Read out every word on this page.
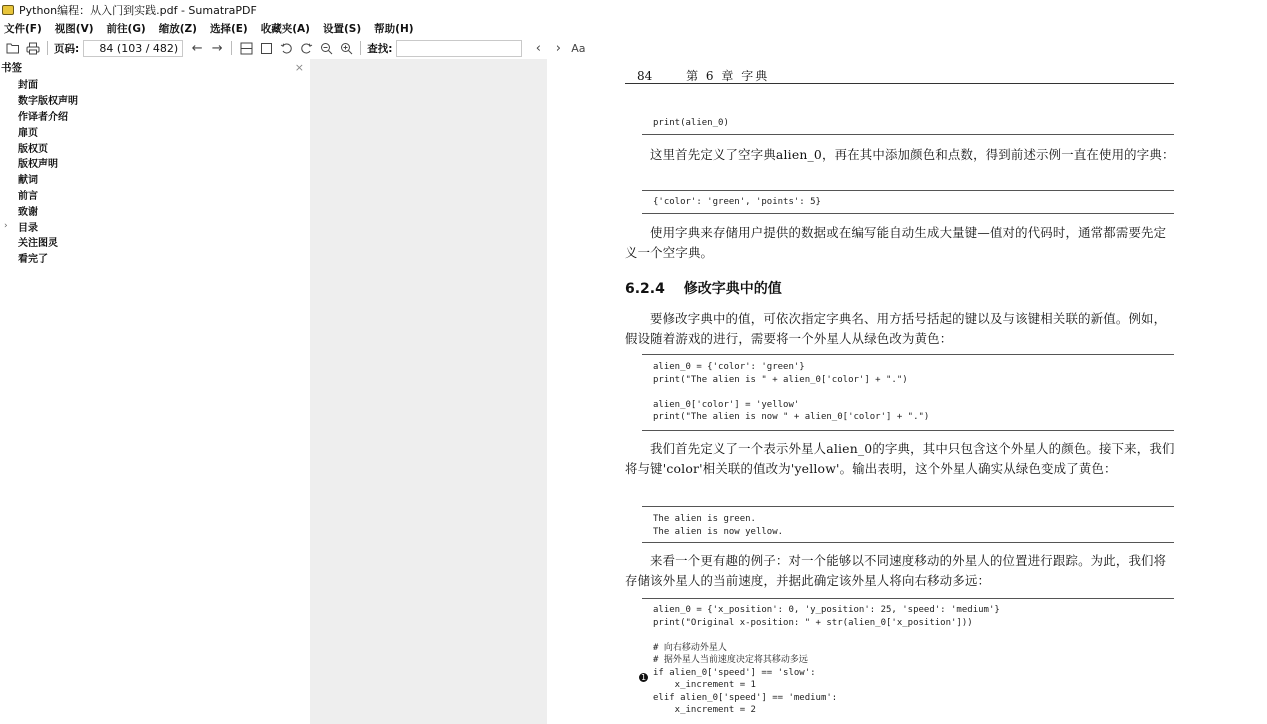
Python编程：从入门到实践.pdf - SumatraPDF
文件(F) 视图(V) 前往(G) 缩放(Z) 选择(E) 收藏夹(A) 设置(S) 帮助(H)
页码:
84 (103 / 482)	← →	查找:	‹	› Aa
书签	×
封面
数字版权声明
作译者介绍
扉页
版权页
版权声明
献词
前言
致谢
› 目录
关注图灵
看完了
84	第 6 章 字典
print(alien_0)
这里首先定义了空字典alien_0，再在其中添加颜色和点数，得到前述示例一直在使用的字典：
{'color': 'green', 'points': 5}
使用字典来存储用户提供的数据或在编写能自动生成大量键—值对的代码时，通常都需要先定义一个空字典。
6.2.4 修改字典中的值
要修改字典中的值，可依次指定字典名、用方括号括起的键以及与该键相关联的新值。例如，假设随着游戏的进行，需要将一个外星人从绿色改为黄色：
alien_0 = {'color': 'green'}
print("The alien is " + alien_0['color'] + ".")

alien_0['color'] = 'yellow'
print("The alien is now " + alien_0['color'] + ".")
我们首先定义了一个表示外星人alien_0的字典，其中只包含这个外星人的颜色。接下来，我们将与键'color'相关联的值改为'yellow'。输出表明，这个外星人确实从绿色变成了黄色：
The alien is green.
The alien is now yellow.
来看一个更有趣的例子：对一个能够以不同速度移动的外星人的位置进行跟踪。为此，我们将存储该外星人的当前速度，并据此确定该外星人将向右移动多远：
alien_0 = {'x_position': 0, 'y_position': 25, 'speed': 'medium'}
print("Original x-position: " + str(alien_0['x_position']))

# 向右移动外星人
# 据外星人当前速度决定将其移动多远
if alien_0['speed'] == 'slow':
x_increment = 1
elif alien_0['speed'] == 'medium':
x_increment = 2
1
